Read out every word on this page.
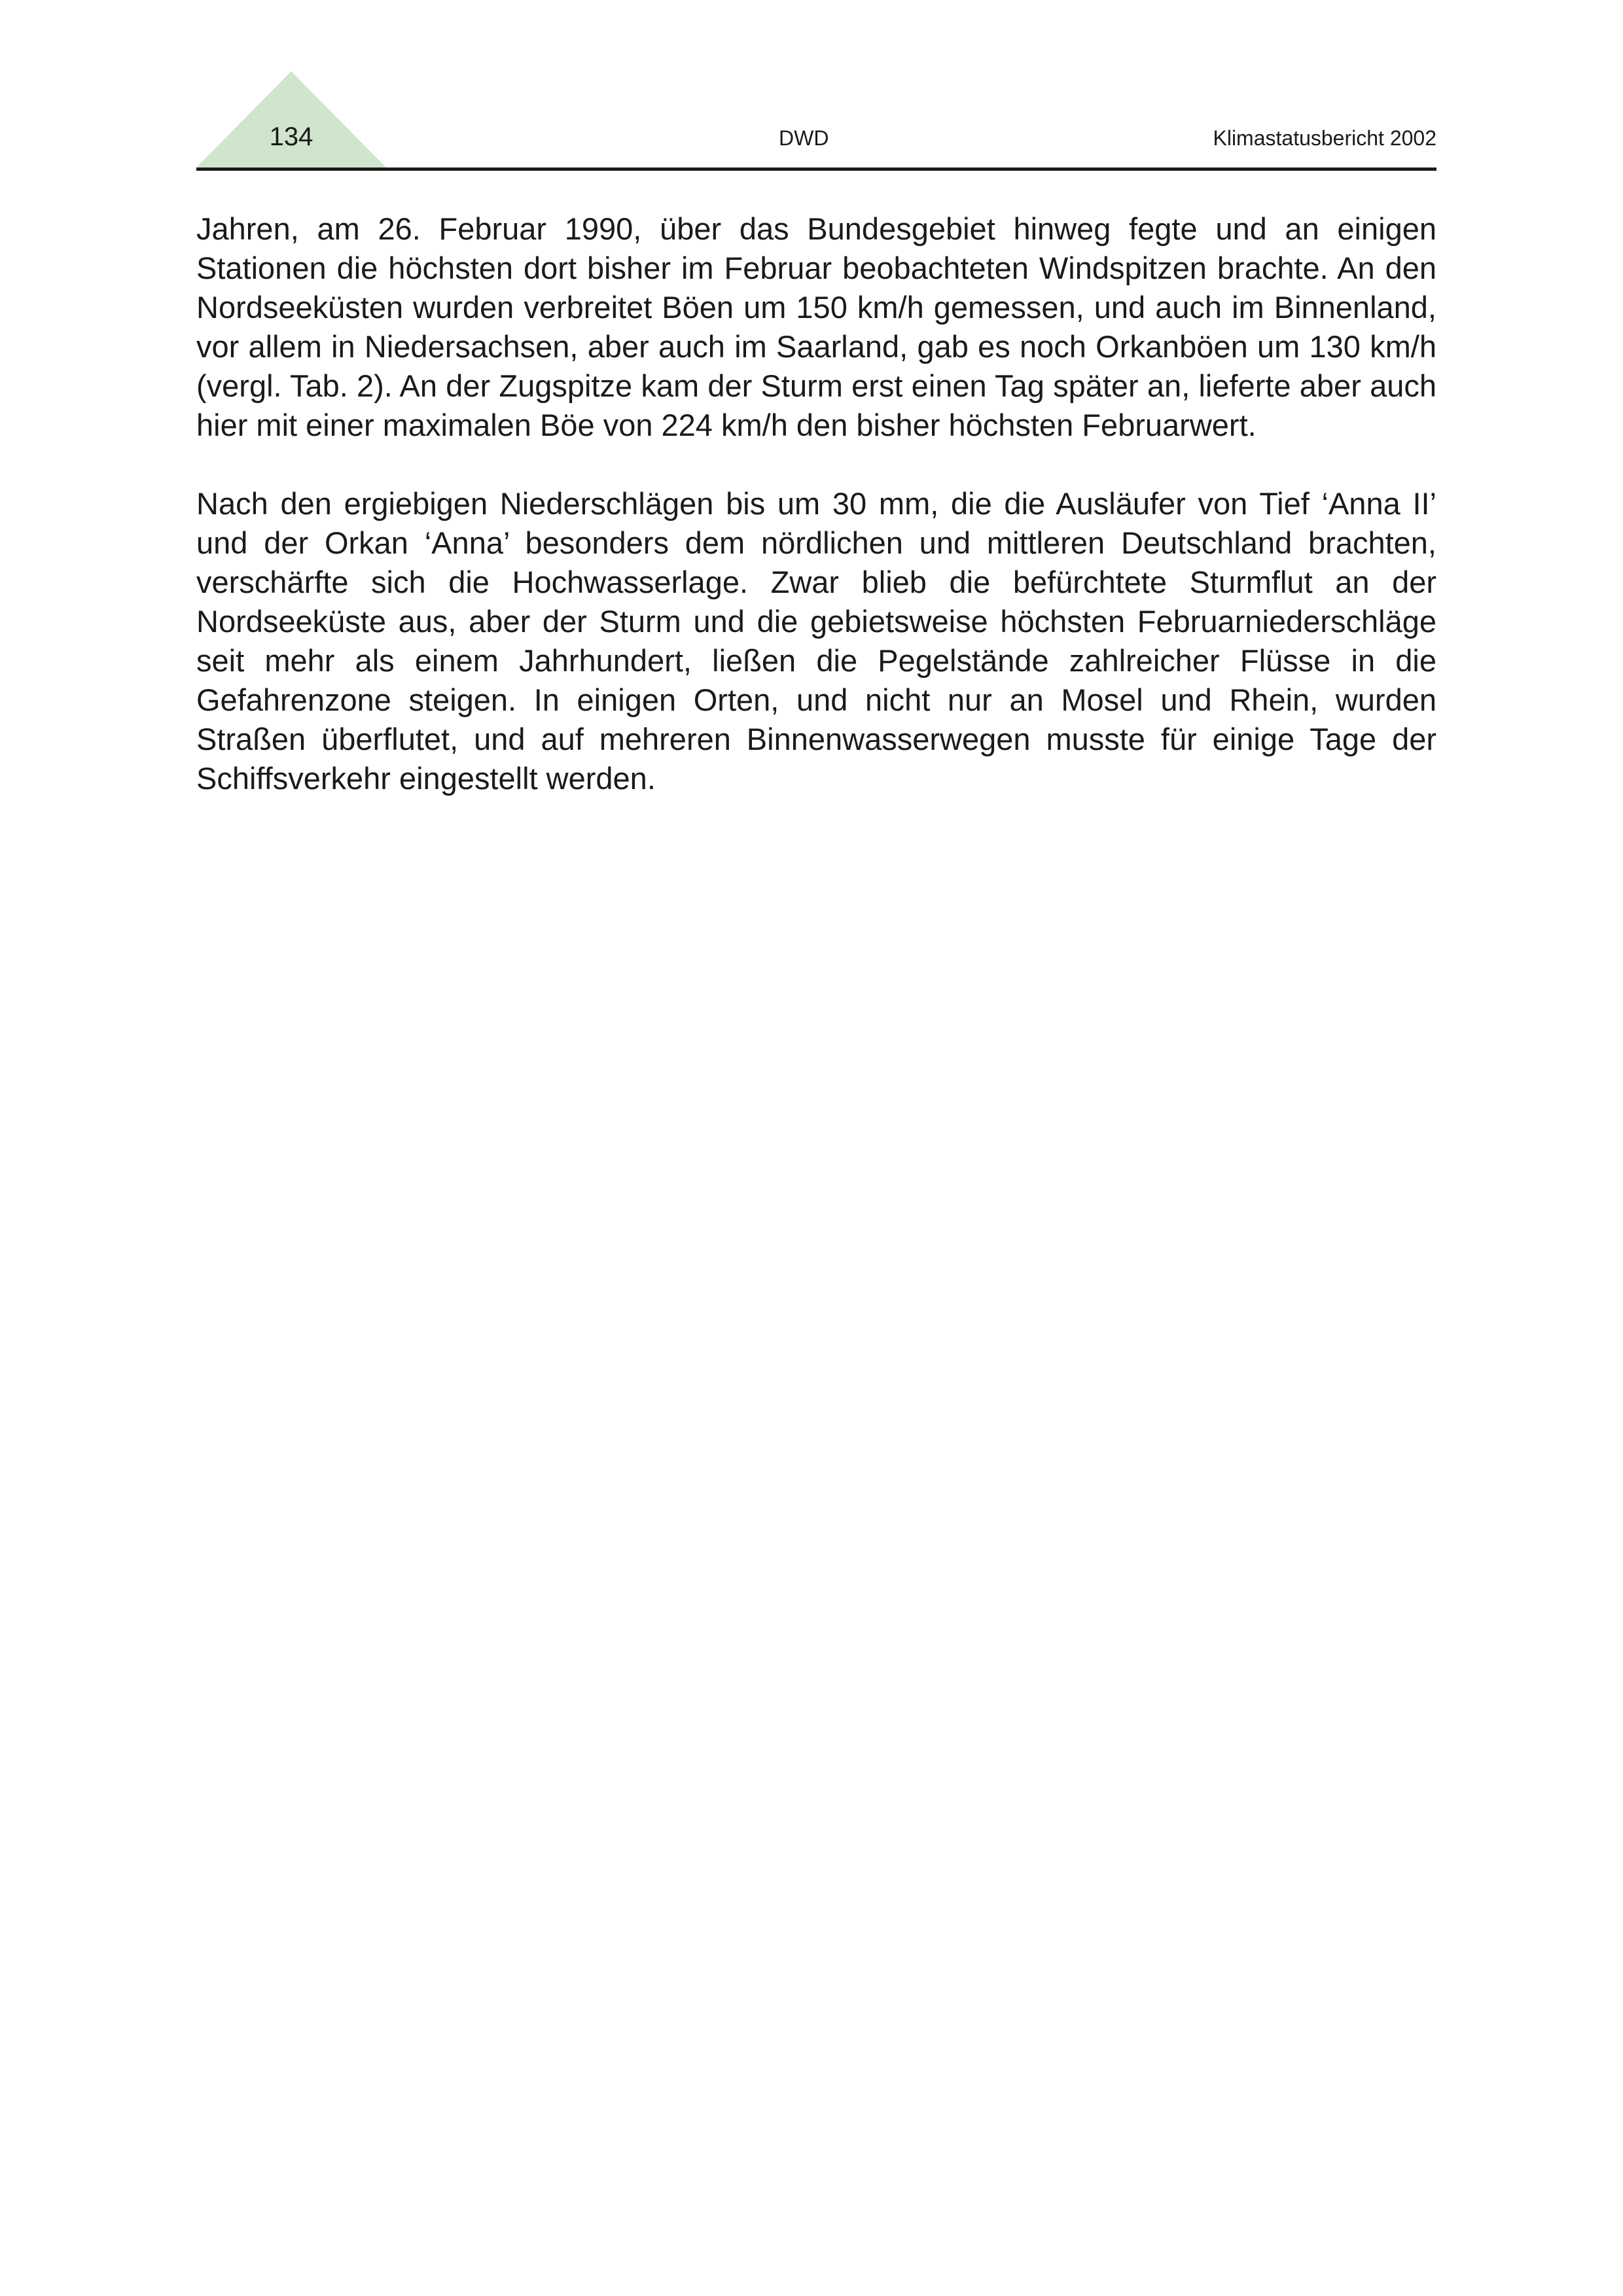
134	DWD	Klimastatusbericht 2002

Jahren, am 26. Februar 1990, über das Bundesgebiet hinweg fegte und an einigen Stationen die höchsten dort bisher im Februar beobachteten Windspitzen brachte. An den Nordseeküsten wurden verbreitet Böen um 150 km/h gemessen, und auch im Binnenland, vor allem in Niedersachsen, aber auch im Saarland, gab es noch Orkanböen um 130 km/h (vergl. Tab. 2). An der Zugspitze kam der Sturm erst einen Tag später an, lieferte aber auch hier mit einer maximalen Böe von 224 km/h den bisher höchsten Februarwert.

Nach den ergiebigen Niederschlägen bis um 30 mm, die die Ausläufer von Tief ‘Anna II’ und der Orkan ‘Anna’ besonders dem nördlichen und mittleren Deutschland brachten, verschärfte sich die Hochwasserlage. Zwar blieb die befürchtete Sturmflut an der Nordseeküste aus, aber der Sturm und die gebietsweise höchsten Februarniederschläge seit mehr als einem Jahrhundert, ließen die Pegelstände zahlreicher Flüsse in die Gefahrenzone steigen. In einigen Orten, und nicht nur an Mosel und Rhein, wurden Straßen überflutet, und auf mehreren Binnenwasserwegen musste für einige Tage der Schiffsverkehr eingestellt werden.
